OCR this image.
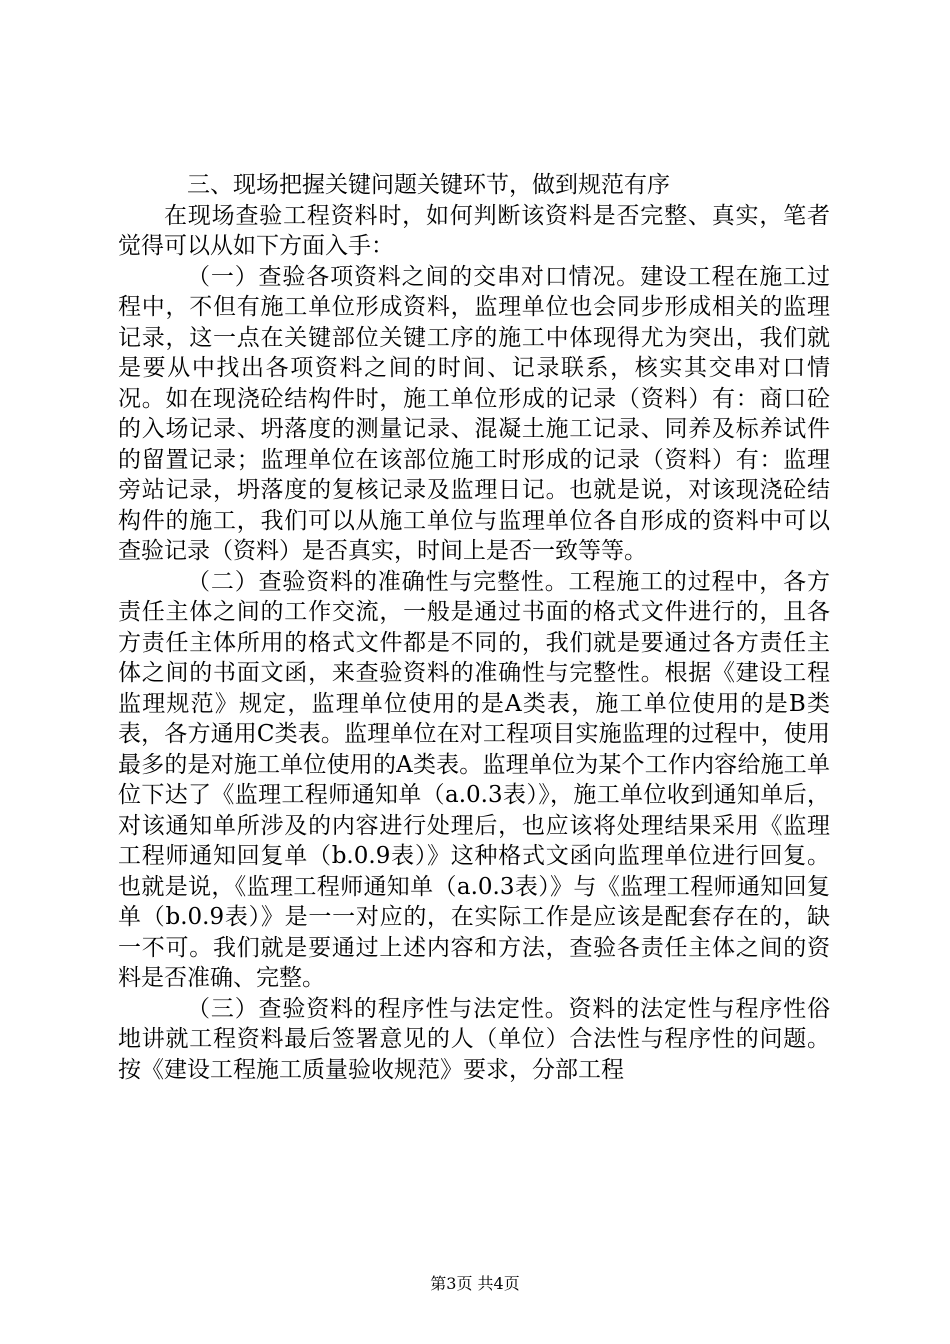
三、现场把握关键问题关键环节，做到规范有序

在现场查验工程资料时，如何判断该资料是否完整、真实，笔者觉得可以从如下方面入手：

（一）查验各项资料之间的交串对口情况。建设工程在施工过程中，不但有施工单位形成资料，监理单位也会同步形成相关的监理记录，这一点在关键部位关键工序的施工中体现得尤为突出，我们就是要从中找出各项资料之间的时间、记录联系，核实其交串对口情况。如在现浇砼结构件时，施工单位形成的记录（资料）有：商口砼的入场记录、坍落度的测量记录、混凝土施工记录、同养及标养试件的留置记录；监理单位在该部位施工时形成的记录（资料）有：监理旁站记录，坍落度的复核记录及监理日记。也就是说，对该现浇砼结构件的施工，我们可以从施工单位与监理单位各自形成的资料中可以查验记录（资料）是否真实，时间上是否一致等等。

（二）查验资料的准确性与完整性。工程施工的过程中，各方责任主体之间的工作交流，一般是通过书面的格式文件进行的，且各方责任主体所用的格式文件都是不同的，我们就是要通过各方责任主体之间的书面文函，来查验资料的准确性与完整性。根据《建设工程监理规范》规定，监理单位使用的是A类表，施工单位使用的是B类表，各方通用C类表。监理单位在对工程项目实施监理的过程中，使用最多的是对施工单位使用的A类表。监理单位为某个工作内容给施工单位下达了《监理工程师通知单（a.0.3表）》，施工单位收到通知单后，对该通知单所涉及的内容进行处理后，也应该将处理结果采用《监理工程师通知回复单（b.0.9表）》这种格式文函向监理单位进行回复。也就是说，《监理工程师通知单（a.0.3表）》与《监理工程师通知回复单（b.0.9表）》是一一对应的，在实际工作是应该是配套存在的，缺一不可。我们就是要通过上述内容和方法，查验各责任主体之间的资料是否准确、完整。

（三）查验资料的程序性与法定性。资料的法定性与程序性俗地讲就工程资料最后签署意见的人（单位）合法性与程序性的问题。按《建设工程施工质量验收规范》要求，分部工程

第3页 共4页
